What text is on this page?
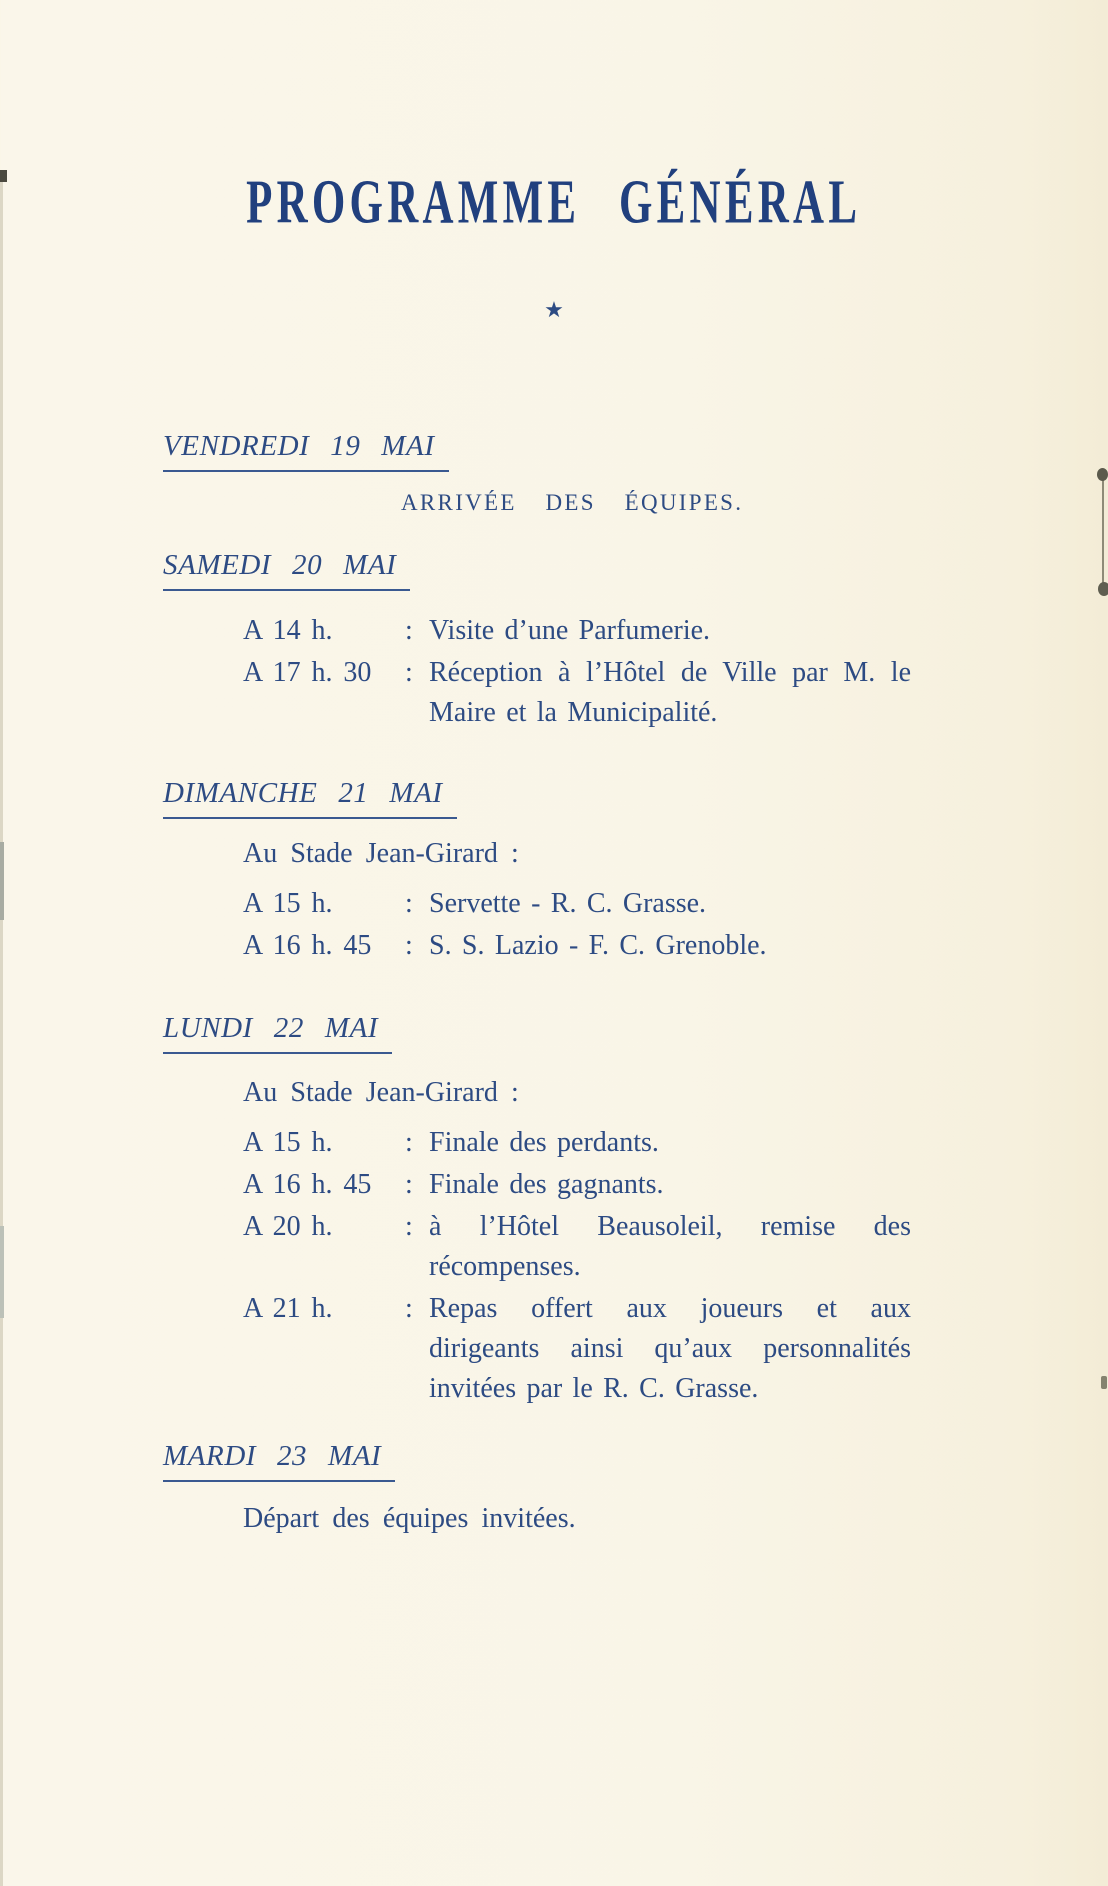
PROGRAMME GÉNÉRAL
★
VENDREDI 19 MAI

ARRIVÉE DES ÉQUIPES.

SAMEDI 20 MAI
A 14 h.	: Visite d’une Parfumerie.
A 17 h. 30	: Réception à l’Hôtel de Ville par M. le Maire et la Municipalité.
DIMANCHE 21 MAI

Au Stade Jean-Girard :

A 15 h.	: Servette - R. C. Grasse.
A 16 h. 45	: S. S. Lazio - F. C. Grenoble.
LUNDI 22 MAI

Au Stade Jean-Girard :

A 15 h.	: Finale des perdants.
A 16 h. 45	: Finale des gagnants.
A 20 h.	: à l’Hôtel Beausoleil, remise des récompenses.
A 21 h.	: Repas offert aux joueurs et aux dirigeants ainsi qu’aux personnalités invitées par le R. C. Grasse.
MARDI 23 MAI

Départ des équipes invitées.
